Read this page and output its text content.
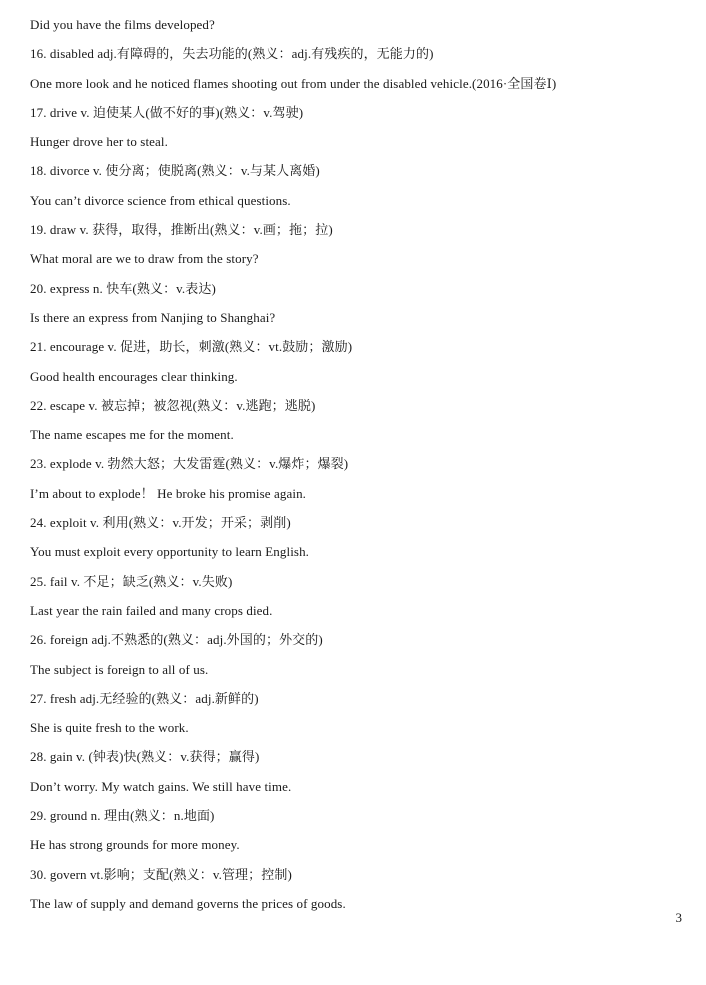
Did you have the films developed?

16. disabled adj.有障碍的，失去功能的(熟义：adj.有残疾的，无能力的)

One more look and he noticed flames shooting out from under the disabled vehicle.(2016·全国卷Ⅰ)

17. drive v. 迫使某人(做不好的事)(熟义：v.驾驶)

Hunger drove her to steal.

18. divorce v. 使分离；使脱离(熟义：v.与某人离婚)

You can’t divorce science from ethical questions.

19. draw v. 获得，取得，推断出(熟义：v.画；拖；拉)

What moral are we to draw from the story?

20. express n. 快车(熟义：v.表达)

Is there an express from Nanjing to Shanghai?

21. encourage v. 促进，助长，刺激(熟义：vt.鼓励；激励)

Good health encourages clear thinking.

22. escape v. 被忘掉；被忽视(熟义：v.逃跑；逃脱)

The name escapes me for the moment.

23. explode v. 勃然大怒；大发雷霆(熟义：v.爆炸；爆裂)

I’m about to explode！ He broke his promise again.

24. exploit v. 利用(熟义：v.开发；开采；剥削)

You must exploit every opportunity to learn English.

25. fail v. 不足；缺乏(熟义：v.失败)

Last year the rain failed and many crops died.

26. foreign adj.不熟悉的(熟义：adj.外国的；外交的)

The subject is foreign to all of us.

27. fresh adj.无经验的(熟义：adj.新鲜的)

She is quite fresh to the work.

28. gain v. (钟表)快(熟义：v.获得；赢得)

Don’t worry. My watch gains. We still have time.

29. ground n. 理由(熟义：n.地面)

He has strong grounds for more money.

30. govern vt.影响；支配(熟义：v.管理；控制)

The law of supply and demand governs the prices of goods.

3
